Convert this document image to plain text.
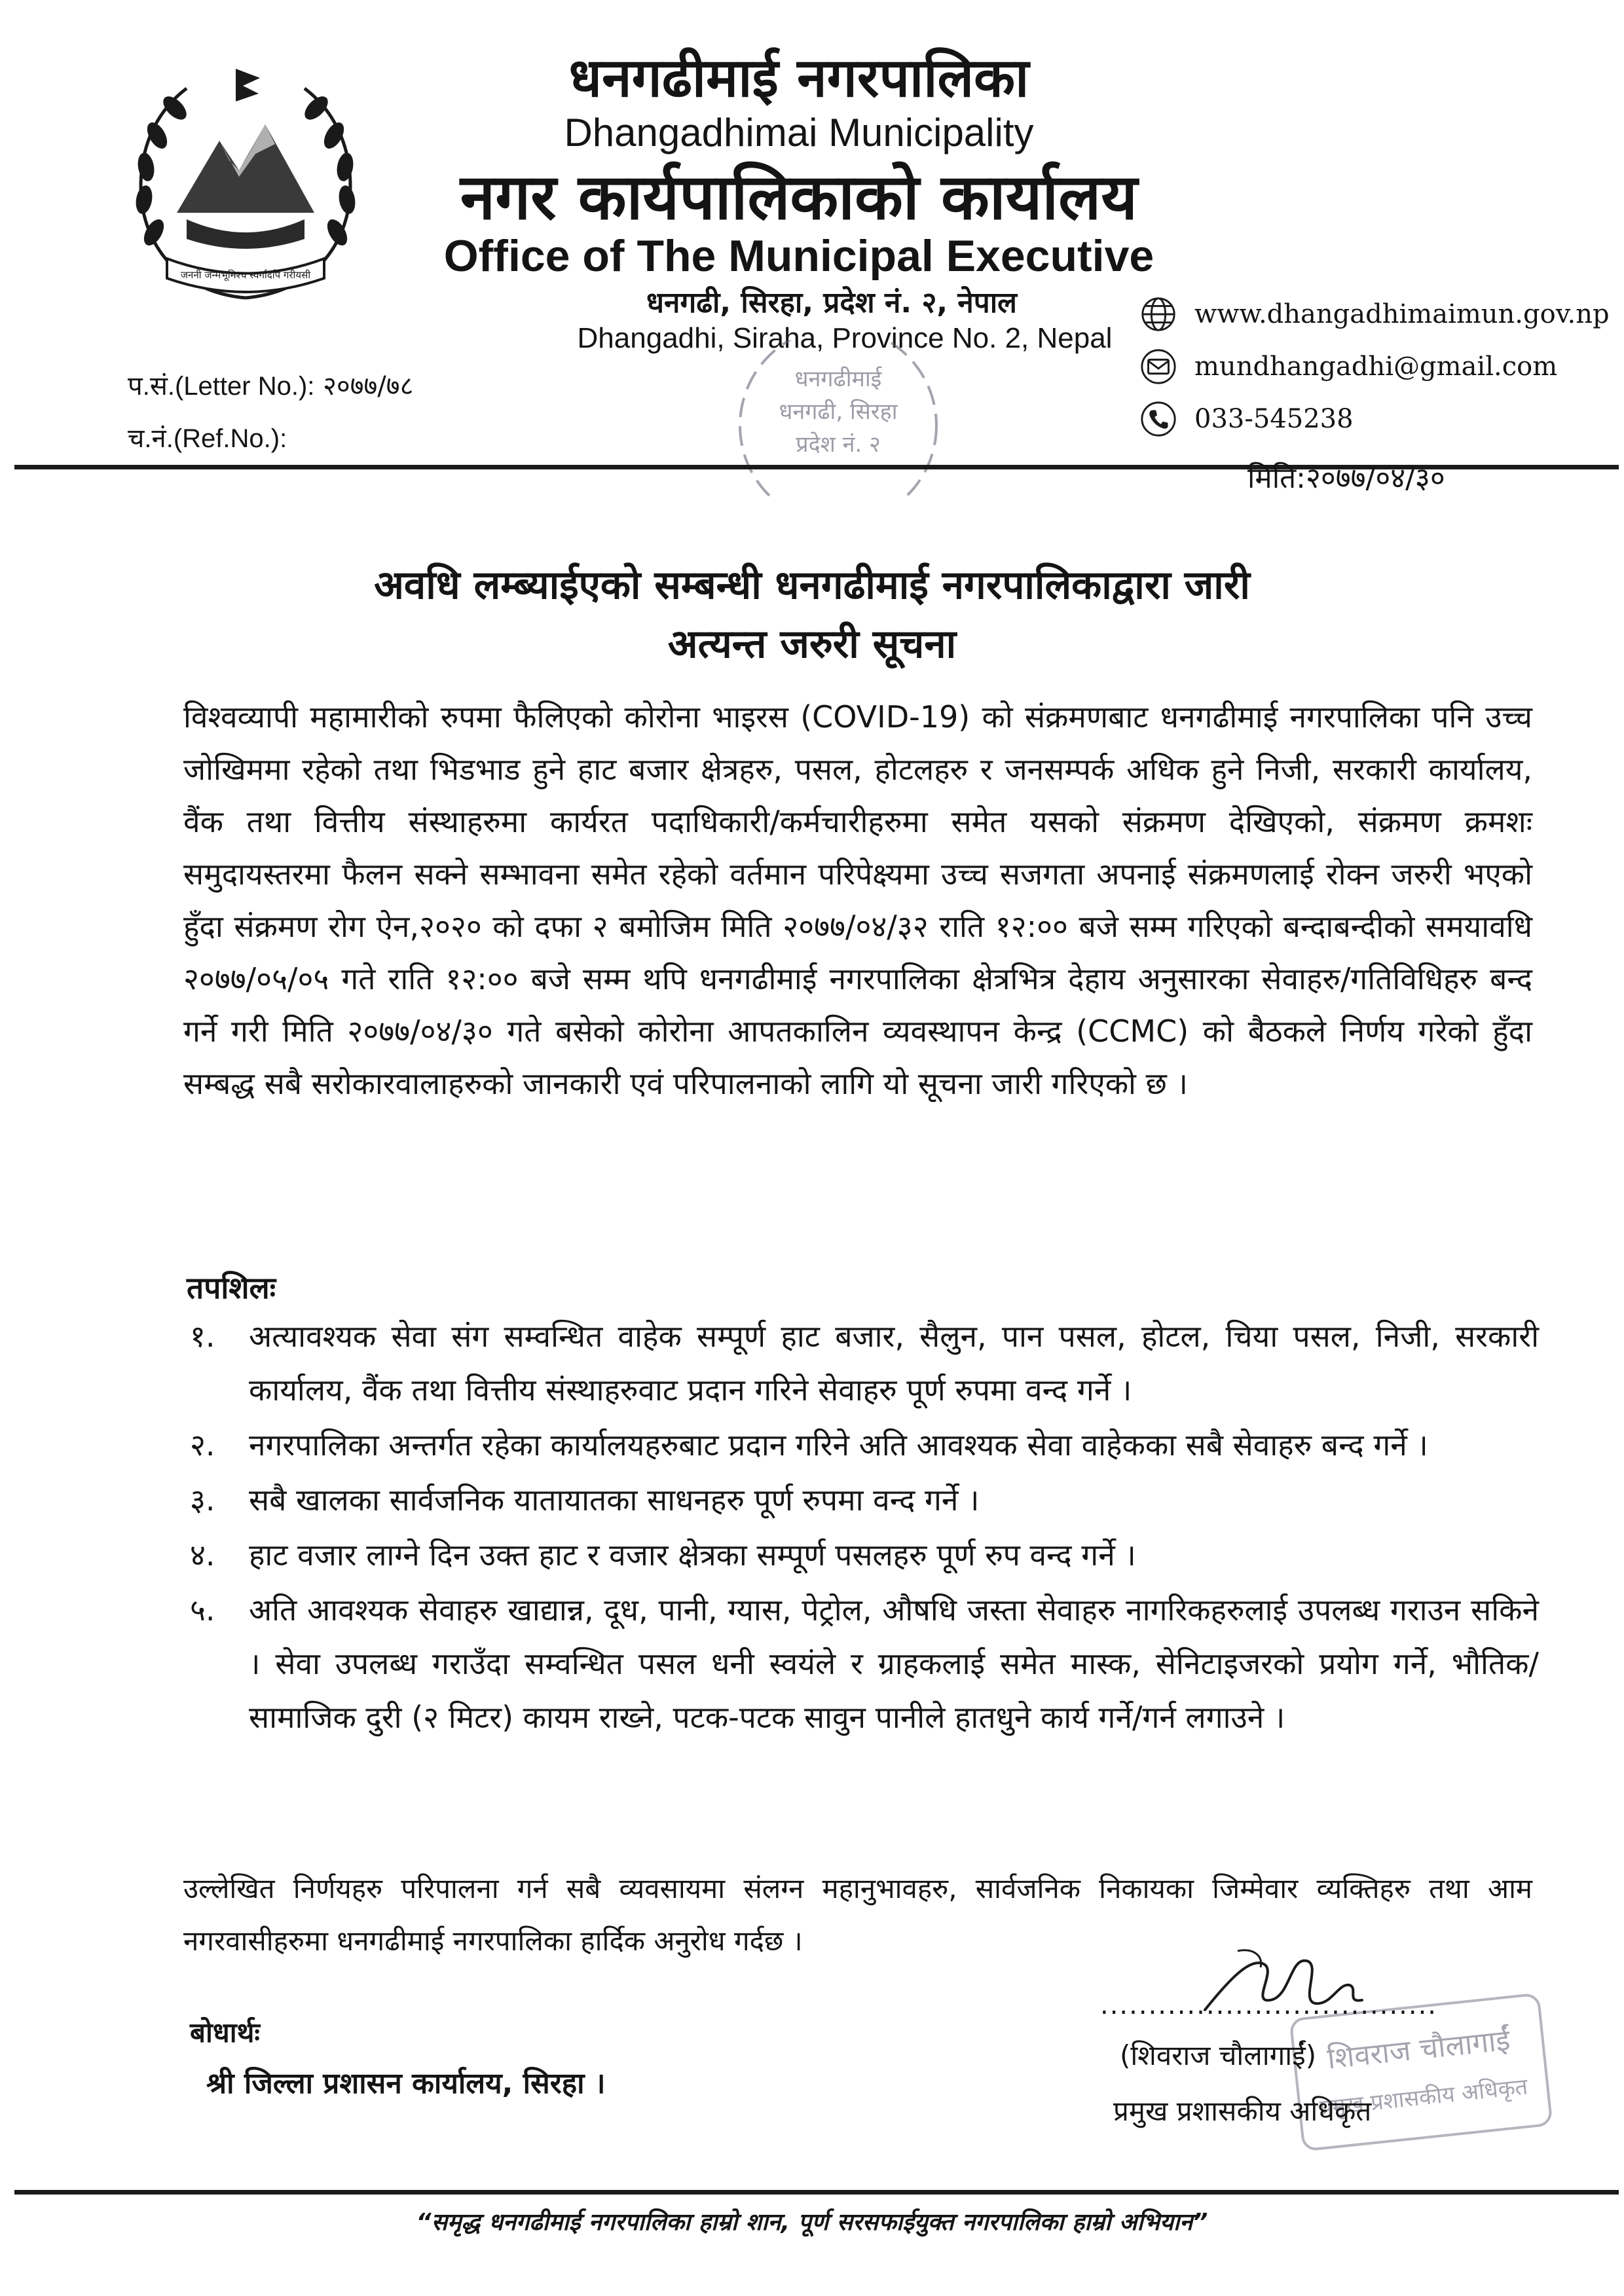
जननी जन्मभूमिश्च स्वर्गादपि गरीयसी
धनगढीमाई नगरपालिका
Dhangadhimai Municipality
नगर कार्यपालिकाको कार्यालय
Office of The Municipal Executive
धनगढी, सिरहा, प्रदेश नं. २, नेपाल
Dhangadhi, Siraha, Province No. 2, Nepal
www.dhangadhimaimun.gov.np
mundhangadhi@gmail.com
033-545238
धनगढीमाई
धनगढी, सिरहा
प्रदेश नं. २
प.सं.(Letter No.): २०७७/७८
च.नं.(Ref.No.):
मिति:२०७७/०४/३०
अवधि लम्ब्याईएको सम्बन्धी धनगढीमाई नगरपालिकाद्वारा जारी
अत्यन्त जरुरी सूचना
विश्वव्यापी महामारीको रुपमा फैलिएको कोरोना भाइरस (COVID-19) को संक्रमणबाट धनगढीमाई नगरपालिका पनि उच्च जोखिममा रहेको तथा भिडभाड हुने हाट बजार क्षेत्रहरु, पसल, होटलहरु र जनसम्पर्क अधिक हुने निजी, सरकारी कार्यालय, वैंक तथा वित्तीय संस्थाहरुमा कार्यरत पदाधिकारी/कर्मचारीहरुमा समेत यसको संक्रमण देखिएको, संक्रमण क्रमशः समुदायस्तरमा फैलन सक्ने सम्भावना समेत रहेको वर्तमान परिपेक्ष्यमा उच्च सजगता अपनाई संक्रमणलाई रोक्न जरुरी भएको हुँदा संक्रमण रोग ऐन,२०२० को दफा २ बमोजिम मिति २०७७/०४/३२ राति १२:०० बजे सम्म गरिएको बन्दाबन्दीको समयावधि २०७७/०५/०५ गते राति १२:०० बजे सम्म थपि धनगढीमाई नगरपालिका क्षेत्रभित्र देहाय अनुसारका सेवाहरु/गतिविधिहरु बन्द गर्ने गरी मिति २०७७/०४/३० गते बसेको कोरोना आपतकालिन व्यवस्थापन केन्द्र (CCMC) को बैठकले निर्णय गरेको हुँदा सम्बद्ध सबै सरोकारवालाहरुको जानकारी एवं परिपालनाको लागि यो सूचना जारी गरिएको छ ।
तपशिलः
१.	अत्यावश्यक सेवा संग सम्वन्धित वाहेक सम्पूर्ण हाट बजार, सैलुन, पान पसल, होटल, चिया पसल, निजी, सरकारी कार्यालय, वैंक तथा वित्तीय संस्थाहरुवाट प्रदान गरिने सेवाहरु पूर्ण रुपमा वन्द गर्ने ।
२.	नगरपालिका अन्तर्गत रहेका कार्यालयहरुबाट प्रदान गरिने अति आवश्यक सेवा वाहेकका सबै सेवाहरु बन्द गर्ने ।
३.	सबै खालका सार्वजनिक यातायातका साधनहरु पूर्ण रुपमा वन्द गर्ने ।
४.	हाट वजार लाग्ने दिन उक्त हाट र वजार क्षेत्रका सम्पूर्ण पसलहरु पूर्ण रुप वन्द गर्ने ।
५.	अति आवश्यक सेवाहरु खाद्यान्न, दूध, पानी, ग्यास, पेट्रोल, औषधि जस्ता सेवाहरु नागरिकहरुलाई उपलब्ध गराउन सकिने । सेवा उपलब्ध गराउँदा सम्वन्धित पसल धनी स्वयंले र ग्राहकलाई समेत मास्क, सेनिटाइजरको प्रयोग गर्ने, भौतिक/सामाजिक दुरी (२ मिटर) कायम राख्ने, पटक-पटक सावुन पानीले हातधुने कार्य गर्ने/गर्न लगाउने ।
उल्लेखित निर्णयहरु परिपालना गर्न सबै व्यवसायमा संलग्न महानुभावहरु, सार्वजनिक निकायका जिम्मेवार व्यक्तिहरु तथा आम नगरवासीहरुमा धनगढीमाई नगरपालिका हार्दिक अनुरोध गर्दछ ।
बोधार्थः
श्री जिल्ला प्रशासन कार्यालय, सिरहा ।
शिवराज चौलागाईं
प्रमुख प्रशासकीय अधिकृत
...................................
(शिवराज चौलागाईं)
प्रमुख प्रशासकीय अधिकृत
“समृद्ध धनगढीमाई नगरपालिका हाम्रो शान, पूर्ण सरसफाईयुक्त नगरपालिका हाम्रो अभियान”
